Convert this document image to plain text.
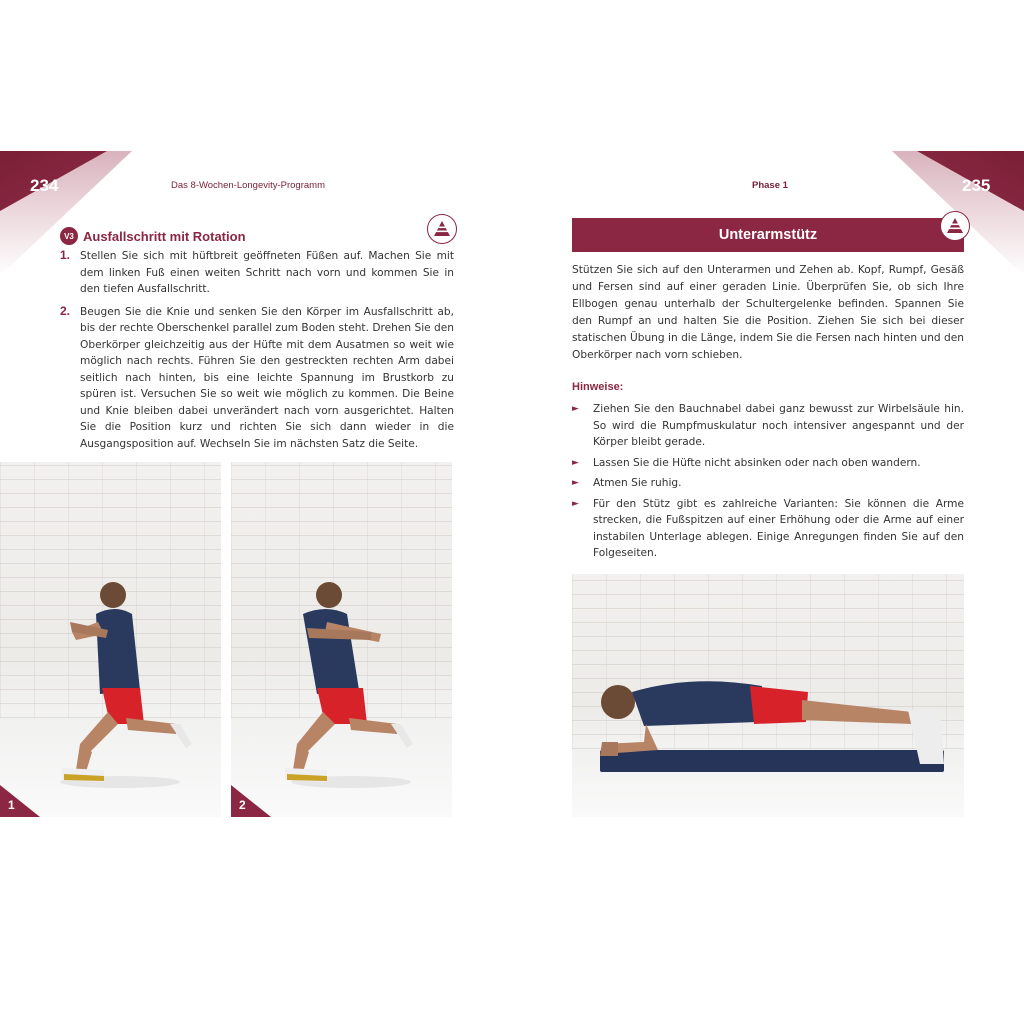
234	Das 8-Wochen-Longevity-Programm
V3 Ausfallschritt mit Rotation
1. Stellen Sie sich mit hüftbreit geöffneten Füßen auf. Machen Sie mit dem linken Fuß einen weiten Schritt nach vorn und kommen Sie in den tiefen Ausfallschritt.
2. Beugen Sie die Knie und senken Sie den Körper im Ausfallschritt ab, bis der rechte Oberschenkel parallel zum Boden steht. Drehen Sie den Oberkörper gleichzeitig aus der Hüfte mit dem Ausatmen so weit wie möglich nach rechts. Führen Sie den gestreckten rechten Arm dabei seitlich nach hinten, bis eine leichte Spannung im Brustkorb zu spüren ist. Versuchen Sie so weit wie möglich zu kommen. Die Beine und Knie bleiben dabei unverändert nach vorn ausgerichtet. Halten Sie die Position kurz und richten Sie sich dann wieder in die Ausgangsposition auf. Wechseln Sie im nächsten Satz die Seite.
1	2
235
Phase 1
Unterarmstütz

Stützen Sie sich auf den Unterarmen und Zehen ab. Kopf, Rumpf, Gesäß und Fersen sind auf einer geraden Linie. Überprüfen Sie, ob sich Ihre Ellbogen genau unterhalb der Schultergelenke befinden. Spannen Sie den Rumpf an und halten Sie die Position. Ziehen Sie sich bei dieser statischen Übung in die Länge, indem Sie die Fersen nach hinten und den Oberkörper nach vorn schieben.

Hinweise:
►	Ziehen Sie den Bauchnabel dabei ganz bewusst zur Wirbelsäule hin. So wird die Rumpfmuskulatur noch intensiver angespannt und der Körper bleibt gerade.
►	Lassen Sie die Hüfte nicht absinken oder nach oben wandern.
►	Atmen Sie ruhig.
►	Für den Stütz gibt es zahlreiche Varianten: Sie können die Arme strecken, die Fußspitzen auf einer Erhöhung oder die Arme auf einer instabilen Unterlage ablegen. Einige Anregungen finden Sie auf den Folgeseiten.
